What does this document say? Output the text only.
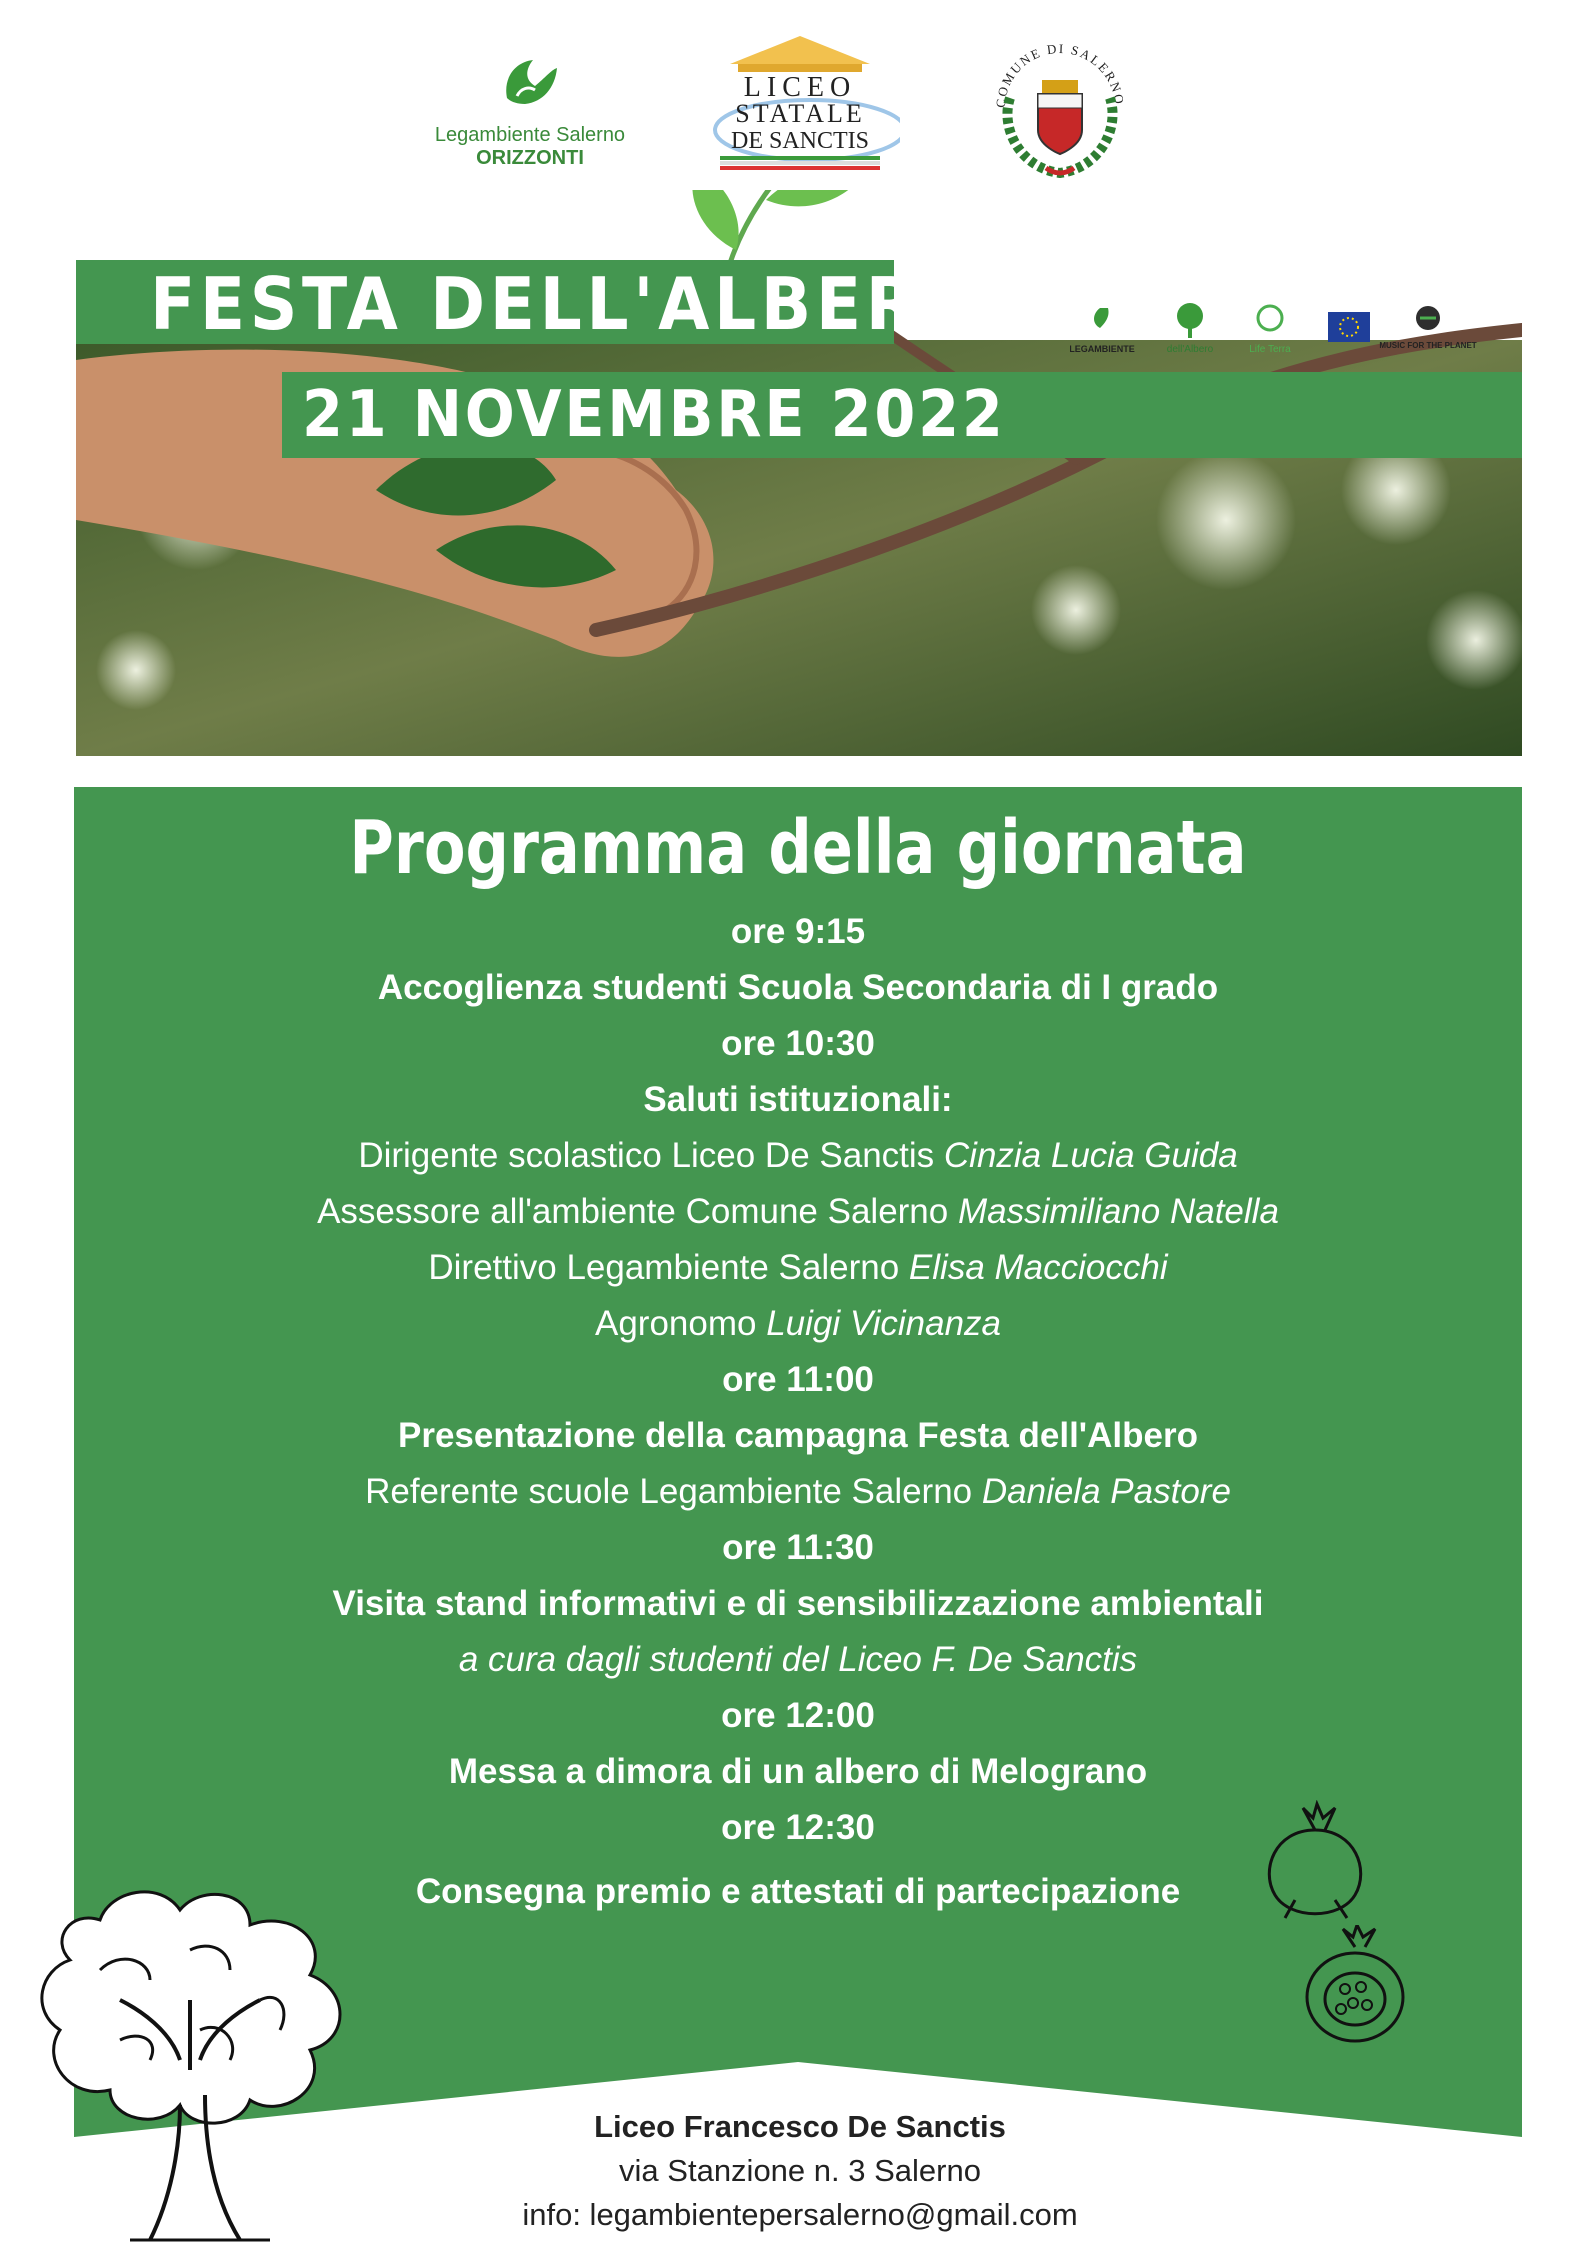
Legambiente Salerno
ORIZZONTI
LICEO
STATALE
DE SANCTIS
COMUNE DI SALERNO
FESTA DELL'ALBERO
21 NOVEMBRE 2022
LEGAMBIENTE	dell'Albero	Life Terra	MUSIC FOR THE PLANET
Programma della giornata
ore 9:15
Accoglienza studenti Scuola Secondaria di I grado
ore 10:30
Saluti istituzionali:
Dirigente scolastico Liceo De Sanctis Cinzia Lucia Guida
Assessore all'ambiente Comune Salerno Massimiliano Natella
Direttivo Legambiente Salerno Elisa Macciocchi
Agronomo Luigi Vicinanza
ore 11:00
Presentazione della campagna Festa dell'Albero
Referente scuole Legambiente Salerno Daniela Pastore
ore 11:30
Visita stand informativi e di sensibilizzazione ambientali
a cura dagli studenti del Liceo F. De Sanctis
ore 12:00
Messa a dimora di un albero di Melograno
ore 12:30
Consegna premio e attestati di partecipazione
Liceo Francesco De Sanctis
via Stanzione n. 3 Salerno
info: legambientepersalerno@gmail.com
